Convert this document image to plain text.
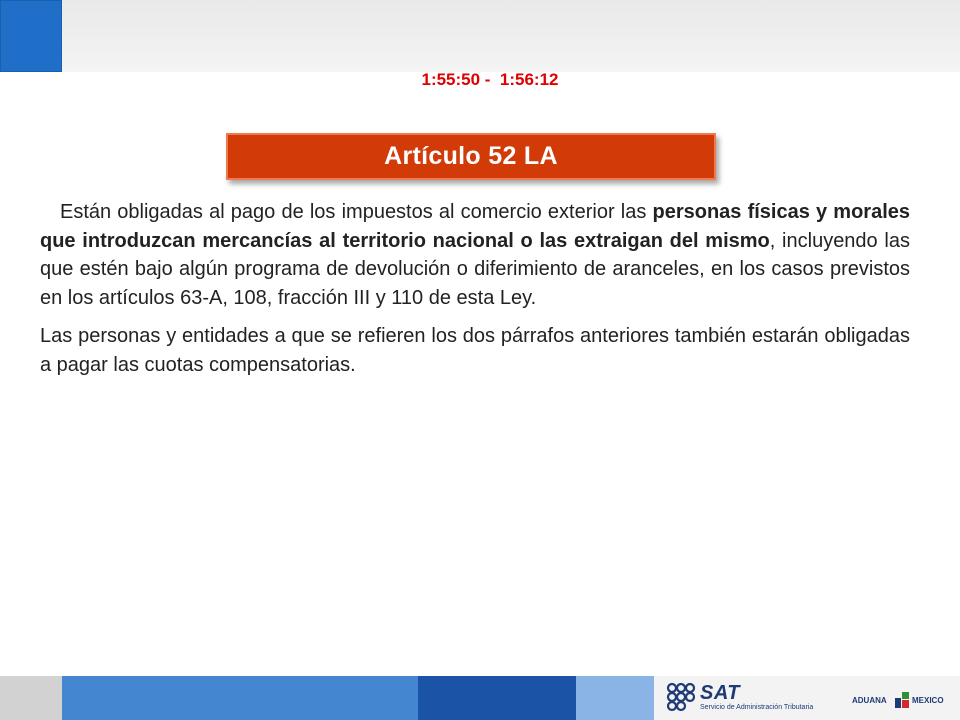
1:55:50 -  1:56:12
Artículo 52 LA

Están obligadas al pago de los impuestos al comercio exterior las personas físicas y morales que introduzcan mercancías al territorio nacional o las extraigan del mismo, incluyendo las que estén bajo algún programa de devolución o diferimiento de aranceles, en los casos previstos en los artículos 63-A, 108, fracción III y 110 de esta Ley.

Las personas y entidades a que se refieren los dos párrafos anteriores también estarán obligadas a pagar las cuotas compensatorias.

SAT
Servicio de Administración Tributaria
ADUANA	MEXICO
